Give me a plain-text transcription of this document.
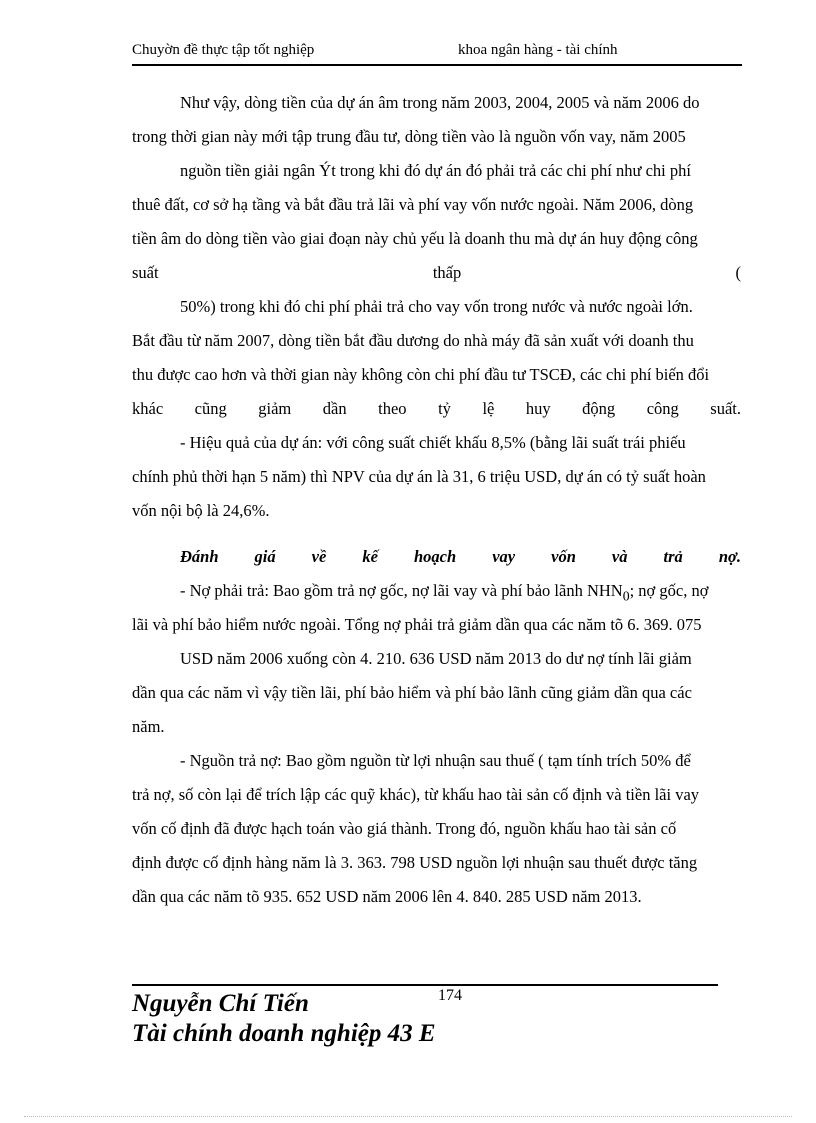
Chuyờn đề thực tập tốt nghiệp	khoa ngân hàng - tài chính
Như vậy, dòng tiền của dự án âm trong năm 2003, 2004, 2005 và năm 2006 do
trong thời gian này mới tập trung đầu tư, dòng tiền vào là nguồn vốn vay, năm 2005
nguồn tiền giải ngân Ýt trong khi đó dự án đó phải trả các chi phí như chi phí
thuê đất, cơ sở hạ tầng và bắt đầu trả lãi và phí vay vốn nước ngoài. Năm 2006, dòng
tiền âm do dòng tiền vào giai đoạn này chủ yếu là doanh thu mà dự án huy động công
suất thấp (
50%) trong khi đó chi phí phải trả cho vay vốn trong nước và nước ngoài lớn.
Bắt đầu từ năm 2007, dòng tiền bắt đầu dương do nhà máy đã sản xuất với doanh thu
thu được cao hơn và thời gian này không còn chi phí đầu tư TSCĐ, các chi phí biến đổi
khác cũng giảm dần theo tỷ lệ huy động công suất.
- Hiệu quả của dự án: với công suất chiết khấu 8,5% (bằng lãi suất trái phiếu
chính phủ thời hạn 5 năm) thì NPV của dự án là 31, 6 triệu USD, dự án có tỷ suất hoàn
vốn nội bộ là 24,6%.
Đánh giá về kế hoạch vay vốn và trả nợ.
- Nợ phải trả: Bao gồm trả nợ gốc, nợ lãi vay và phí bảo lãnh $NHN_0$; nợ gốc, nợ
lãi và phí bảo hiểm nước ngoài. Tổng nợ phải trả giảm dần qua các năm tõ 6. 369. 075
USD năm 2006 xuống còn 4. 210. 636 USD năm 2013 do dư nợ tính lãi giảm
dần qua các năm vì vậy tiền lãi, phí bảo hiểm và phí bảo lãnh cũng giảm dần qua các
năm.
- Nguồn trả nợ: Bao gồm nguồn từ lợi nhuận sau thuế ( tạm tính trích 50% để
trả nợ, số còn lại để trích lập các quỹ khác), từ khấu hao tài sản cố định và tiền lãi vay
vốn cố định đã được hạch toán vào giá thành. Trong đó, nguồn khấu hao tài sản cố
định được cố định hàng năm là 3. 363. 798 USD nguồn lợi nhuận sau thuết được tăng
dần qua các năm tõ 935. 652 USD năm 2006 lên 4. 840. 285 USD năm 2013.
174
Nguyễn Chí Tiến
Tài chính doanh nghiệp 43 E
